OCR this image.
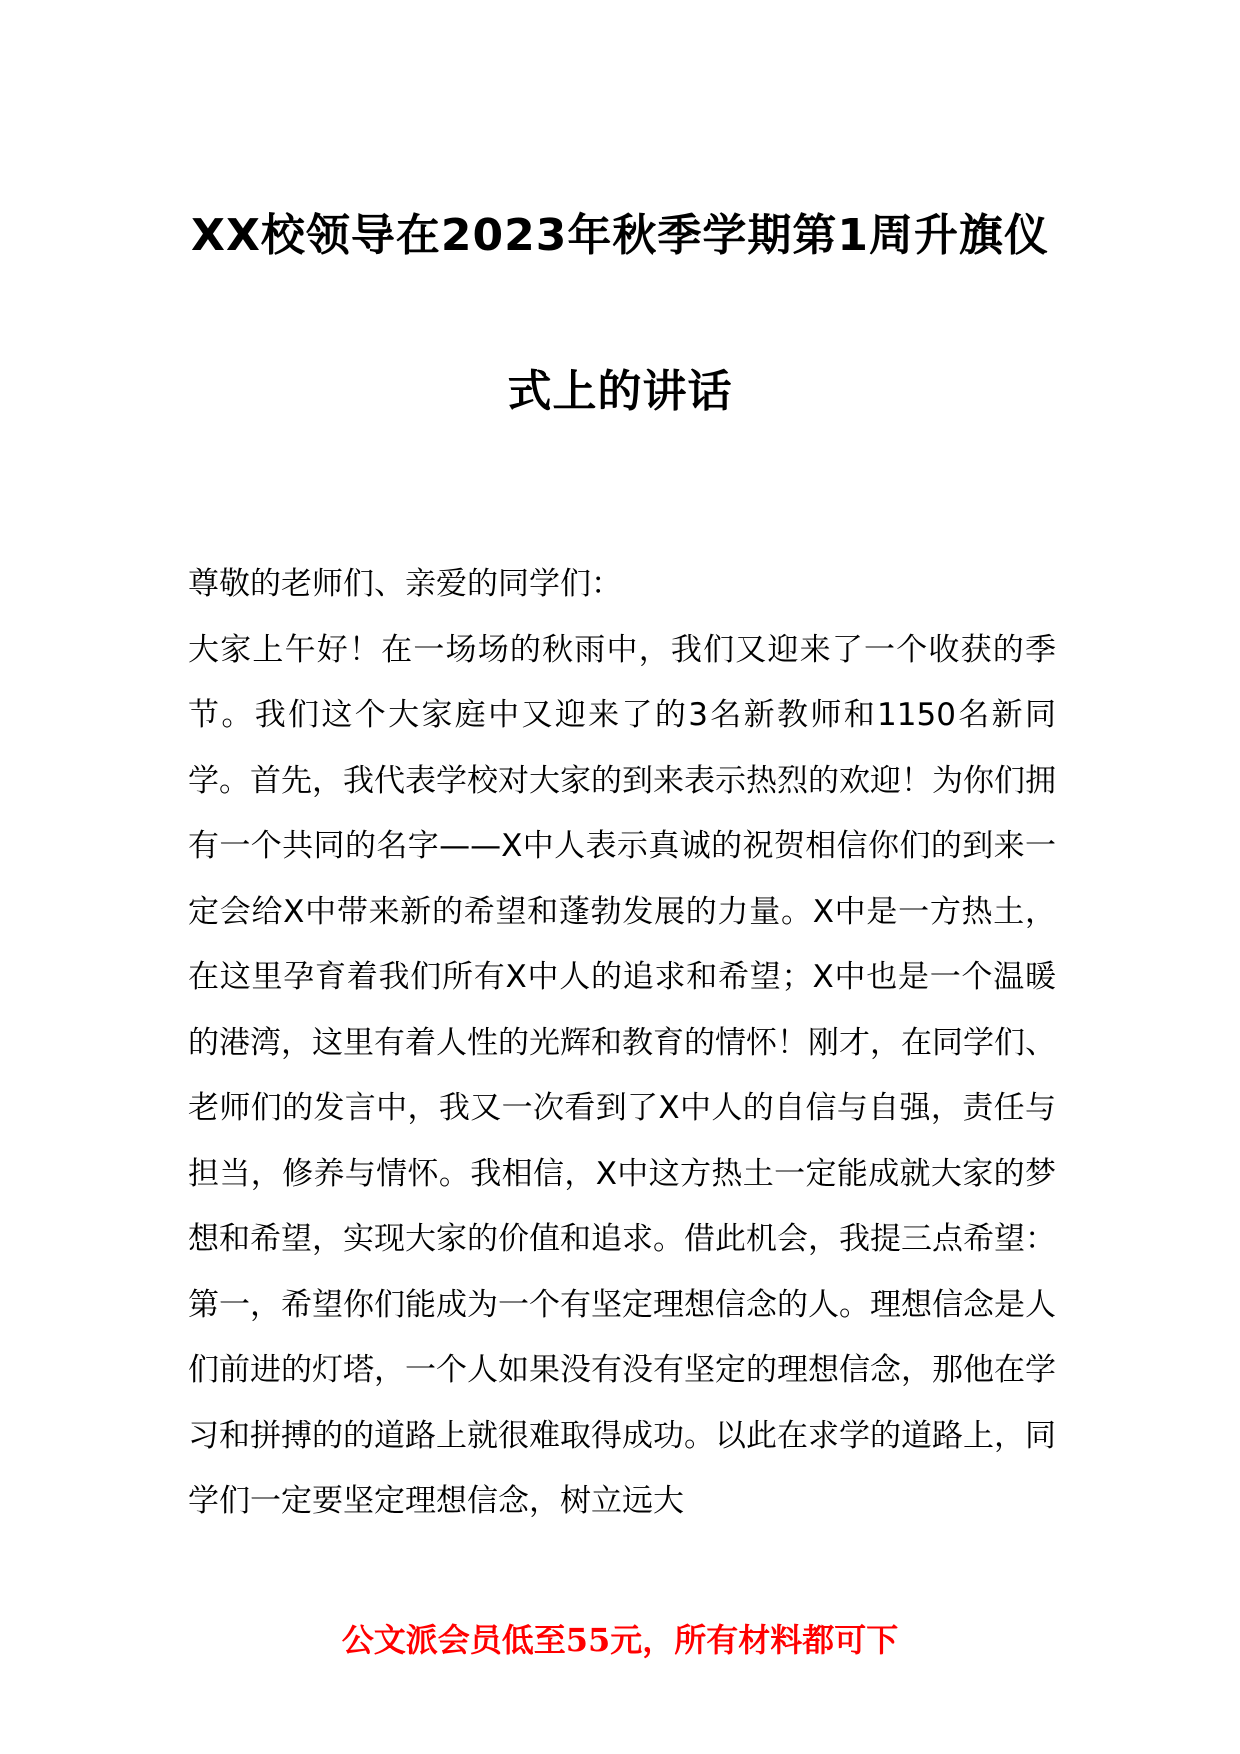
XX校领导在2023年秋季学期第1周升旗仪
式上的讲话

尊敬的老师们、亲爱的同学们：

大家上午好！在一场场的秋雨中，我们又迎来了一个收获的季节。我们这个大家庭中又迎来了的3名新教师和1150名新同学。首先，我代表学校对大家的到来表示热烈的欢迎！为你们拥有一个共同的名字——X中人表示真诚的祝贺相信你们的到来一定会给X中带来新的希望和蓬勃发展的力量。X中是一方热土，在这里孕育着我们所有X中人的追求和希望；X中也是一个温暖的港湾，这里有着人性的光辉和教育的情怀！刚才，在同学们、老师们的发言中，我又一次看到了X中人的自信与自强，责任与担当，修养与情怀。我相信，X中这方热土一定能成就大家的梦想和希望，实现大家的价值和追求。借此机会，我提三点希望：

第一，希望你们能成为一个有坚定理想信念的人。理想信念是人们前进的灯塔，一个人如果没有没有坚定的理想信念，那他在学习和拼搏的的道路上就很难取得成功。以此在求学的道路上，同学们一定要坚定理想信念，树立远大

公文派会员低至55元，所有材料都可下
